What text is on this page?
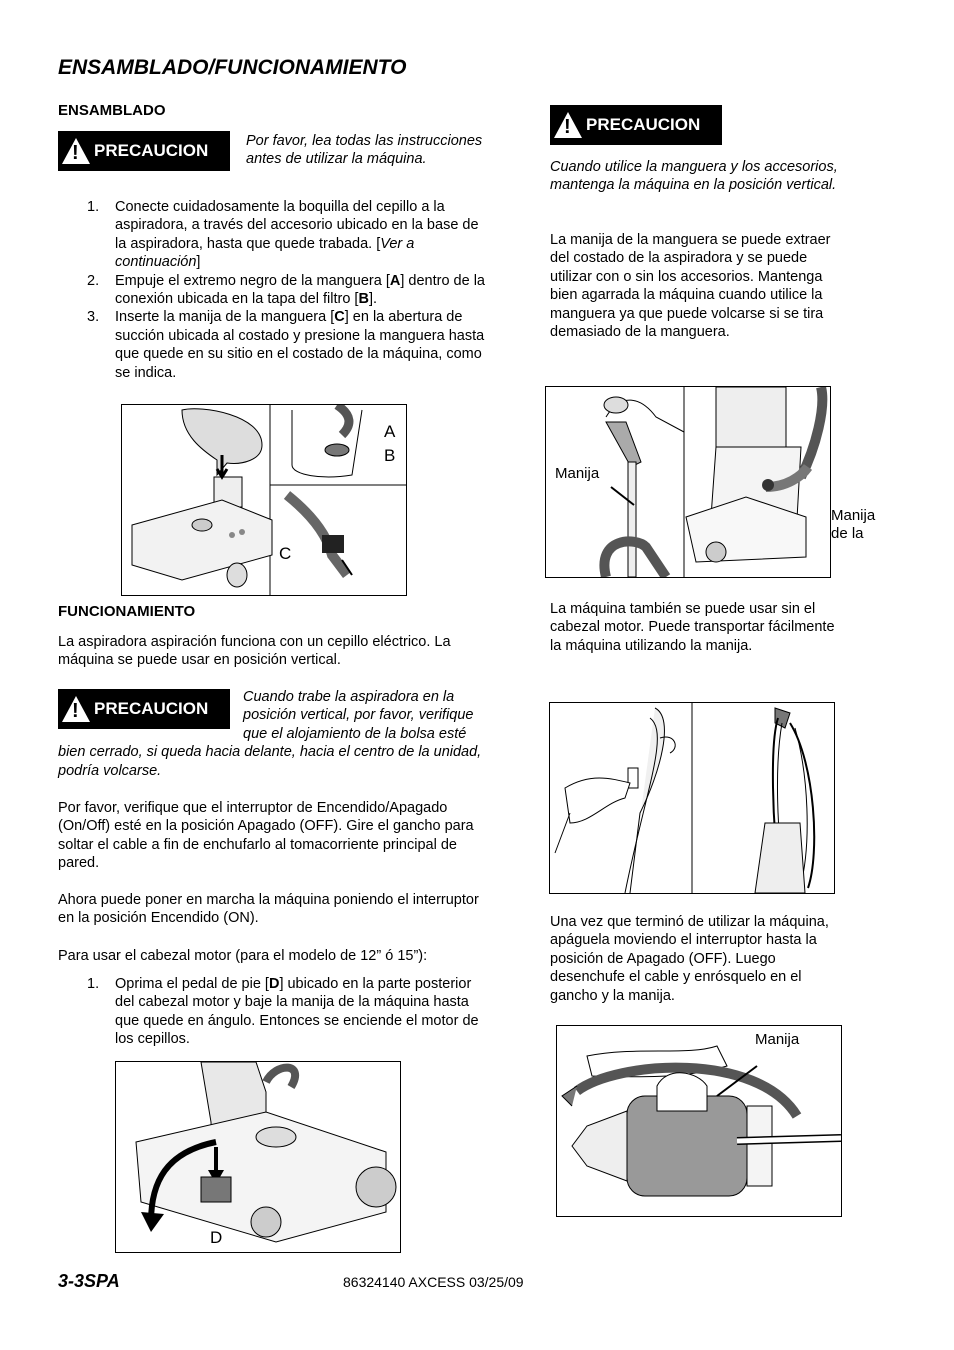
ENSAMBLADO/FUNCIONAMIENTO
ENSAMBLADO
! PRECAUCION	Por favor, lea todas las instrucciones antes de utilizar la máquina.
1. Conecte cuidadosamente la boquilla del cepillo a la aspiradora, a través del accesorio ubicado en la base de la aspiradora, hasta que quede trabada. [Ver a continuación]
2. Empuje el extremo negro de la manguera [A] dentro de la conexión ubicada en la tapa del filtro [B].
3. Inserte la manija de la manguera [C] en la abertura de succión ubicada al costado y presione la manguera hasta que quede en su sitio en el costado de la máquina, como se indica.
A
B
C
FUNCIONAMIENTO
La aspiradora aspiración funciona con un cepillo eléctrico. La máquina se puede usar en posición vertical.
! PRECAUCION
Cuando trabe la aspiradora en la posición vertical, por favor, verifique que el alojamiento de la bolsa esté bien cerrado, si queda hacia delante, hacia el centro de la unidad, podría volcarse.
Por favor, verifique que el interruptor de Encendido/Apagado (On/Off) esté en la posición Apagado (OFF). Gire el gancho para soltar el cable a fin de enchufarlo al tomacorriente principal de pared.
Ahora puede poner en marcha la máquina poniendo el interruptor en la posición Encendido (ON).
Para usar el cabezal motor (para el modelo de 12” ó 15”):
1. Oprima el pedal de pie [D] ubicado en la parte posterior del cabezal motor y baje la manija de la máquina hasta que quede en ángulo. Entonces se enciende el motor de los cepillos.
D
! PRECAUCION
Cuando utilice la manguera y los accesorios, mantenga la máquina en la posición vertical.
La manija de la manguera se puede extraer del costado de la aspiradora y se puede utilizar con o sin los accesorios. Mantenga bien agarrada la máquina cuando utilice la manguera ya que puede volcarse si se tira demasiado de la manguera.
Manija
Manija de la
La máquina también se puede usar sin el cabezal motor. Puede transportar fácilmente la máquina utilizando la manija.
Una vez que terminó de utilizar la máquina, apáguela moviendo el interruptor hasta la posición de Apagado (OFF). Luego desenchufe el cable y enrósquelo en el gancho y la manija.
Manija
3-3SPA	86324140 AXCESS 03/25/09
